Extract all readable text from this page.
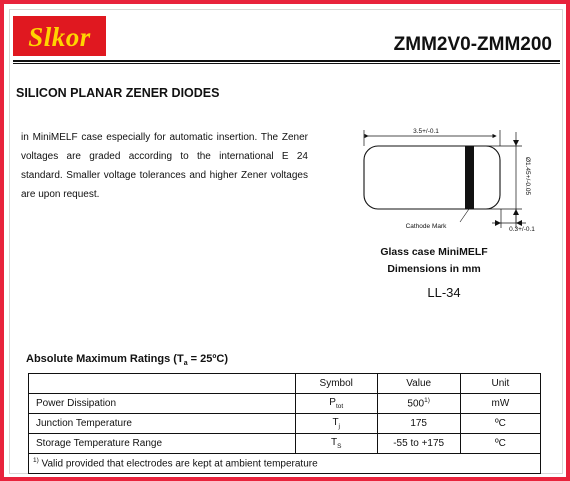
Slkor	ZMM2V0-ZMM200
SILICON PLANAR ZENER DIODES
in MiniMELF case especially for automatic insertion. The Zener voltages are graded according to the international E 24 standard. Smaller voltage tolerances and higher Zener voltages are upon request.
3.5+/-0.1
Ø1.45+/-0.05
0.3+/-0.1
Cathode Mark
Glass case MiniMELF
Dimensions in mm
LL-34
Absolute Maximum Ratings ($T_a$ = 25ºC)
	Symbol	Value	Unit
Power Dissipation	$P_{tot}$	500$^{1)}$	mW
Junction Temperature	$T_j$	175	ºC
Storage Temperature Range	$T_S$	-55 to +175	ºC
$^{1)}$ Valid provided that electrodes are kept at ambient temperature			
